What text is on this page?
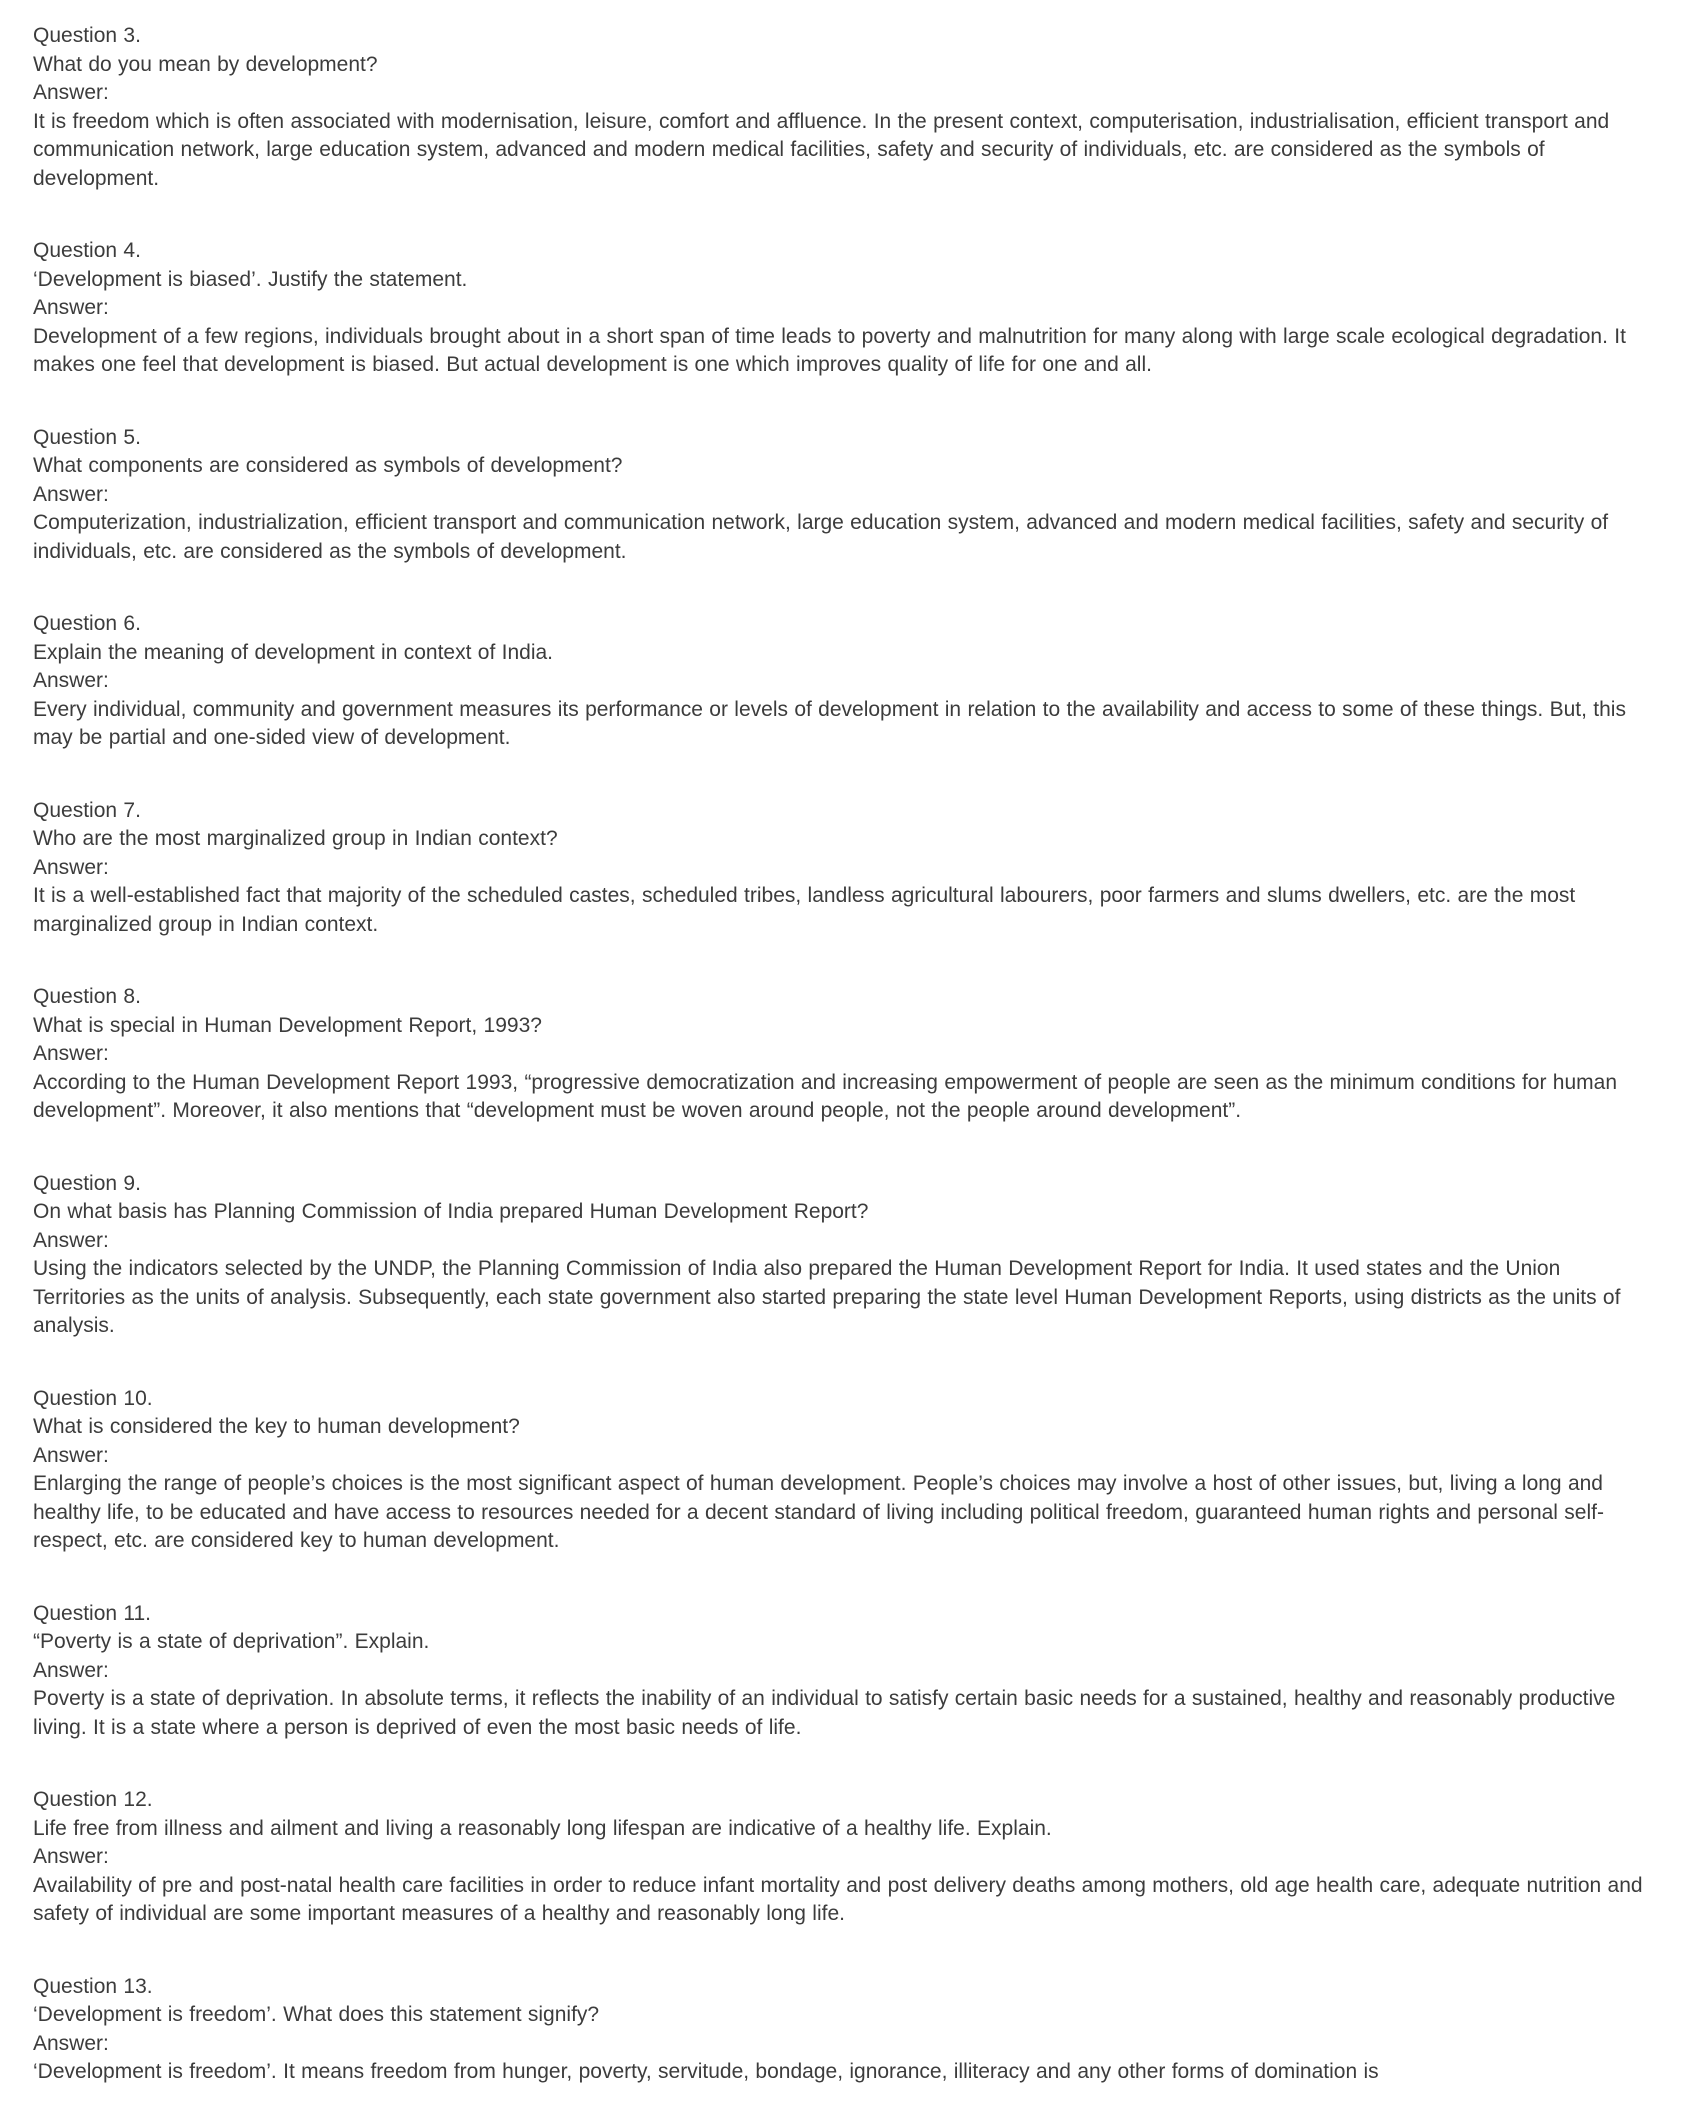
Question 3.
What do you mean by development?
Answer:
It is freedom which is often associated with modernisation, leisure, comfort and affluence. In the present context, computerisation, industrialisation, efficient transport and communication network, large education system, advanced and modern medical facilities, safety and security of individuals, etc. are considered as the symbols of development.
Question 4.
‘Development is biased’. Justify the statement.
Answer:
Development of a few regions, individuals brought about in a short span of time leads to poverty and malnutrition for many along with large scale ecological degradation. It makes one feel that development is biased. But actual development is one which improves quality of life for one and all.
Question 5.
What components are considered as symbols of development?
Answer:
Computerization, industrialization, efficient transport and communication network, large education system, advanced and modern medical facilities, safety and security of individuals, etc. are considered as the symbols of development.
Question 6.
Explain the meaning of development in context of India.
Answer:
Every individual, community and government measures its performance or levels of development in relation to the availability and access to some of these things. But, this may be partial and one-sided view of development.
Question 7.
Who are the most marginalized group in Indian context?
Answer:
It is a well-established fact that majority of the scheduled castes, scheduled tribes, landless agricultural labourers, poor farmers and slums dwellers, etc. are the most marginalized group in Indian context.
Question 8.
What is special in Human Development Report, 1993?
Answer:
According to the Human Development Report 1993, “progressive democratization and increasing empowerment of people are seen as the minimum conditions for human development”. Moreover, it also mentions that “development must be woven around people, not the people around development”.
Question 9.
On what basis has Planning Commission of India prepared Human Development Report?
Answer:
Using the indicators selected by the UNDP, the Planning Commission of India also prepared the Human Development Report for India. It used states and the Union Territories as the units of analysis. Subsequently, each state government also started preparing the state level Human Development Reports, using districts as the units of analysis.
Question 10.
What is considered the key to human development?
Answer:
Enlarging the range of people’s choices is the most significant aspect of human development. People’s choices may involve a host of other issues, but, living a long and healthy life, to be educated and have access to resources needed for a decent standard of living including political freedom, guaranteed human rights and personal self-respect, etc. are considered key to human development.
Question 11.
“Poverty is a state of deprivation”. Explain.
Answer:
Poverty is a state of deprivation. In absolute terms, it reflects the inability of an individual to satisfy certain basic needs for a sustained, healthy and reasonably productive living. It is a state where a person is deprived of even the most basic needs of life.
Question 12.
Life free from illness and ailment and living a reasonably long lifespan are indicative of a healthy life. Explain.
Answer:
Availability of pre and post-natal health care facilities in order to reduce infant mortality and post delivery deaths among mothers, old age health care, adequate nutrition and safety of individual are some important measures of a healthy and reasonably long life.
Question 13.
‘Development is freedom’. What does this statement signify?
Answer:
‘Development is freedom’. It means freedom from hunger, poverty, servitude, bondage, ignorance, illiteracy and any other forms of domination is
